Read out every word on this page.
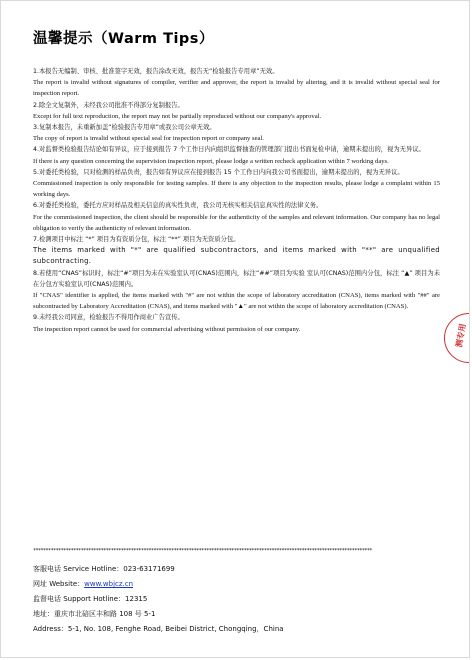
温馨提示（Warm Tips）

1.本报告无编制、审核、批准签字无效，报告涂改无效，报告无“检验报告专用章”无效。

The report is invalid without signatures of compiler, verifier and approver, the report is invalid by altering, and it is invalid without special seal for inspection report.

2.除全文复制外，未经我公司批准不得部分复制报告。

Except for full text reproduction, the report may not be partially reproduced without our company's approval.

3.复制本报告，未重新加盖“检验报告专用章”或我公司公章无效。

The copy of report is invalid without special seal for inspection report or company seal.

4.对监督类检验报告结论如有异议，应于接到报告 7 个工作日内向组织监督抽查的管理部门提出书面复检申请，逾期未提出的，视为无异议。

If there is any question concerning the supervision inspection report, please lodge a written recheck application within 7 working days.

5.对委托类检验，只对检测的样品负责，报告如有异议应在接到报告 15 个工作日内向我公司书面提出，逾期未提出的，视为无异议。

Commissioned inspection is only responsible for testing samples. If there is any objection to the inspection results, please lodge a complaint within 15 working days.

6.对委托类检验，委托方应对样品及相关信息的真实性负责，我公司无核实相关信息真实性的法律义务。

For the commissioned inspection, the client should be responsible for the authenticity of the samples and relevant information. Our company has no legal obligation to verify the authenticity of relevant information.

7.检测项目中标注 “*” 项目为有资质分包，标注 “**” 项目为无资质分包。

The items marked with "*" are qualified subcontractors, and items marked with "**" are unqualified subcontracting.

8.若使用“CNAS”标识时，标注“#”项目为未在实验室认可(CNAS)范围内，标注“##”项目为实验 室认可(CNAS)范围内分包，标注 “▲” 项目为未在分包方实验室认可(CNAS)范围内。

If "CNAS" identifier is applied, the items marked with "#" are not within the scope of laboratory accreditation (CNAS), items marked with "##" are subcontracted by Laboratory Accreditation (CNAS), and items marked with "▲" are not within the scope of laboratory accreditation (CNAS).

9.未经我公司同意，检验报告不得用作商业广告宣传。

The inspection report cannot be used for commercial advertising without permission of our company.

***************************************************************************************************************************************
客服电话 Service Hotline：023-63171699
网址 Website：www.wbjcz.cn
监督电话 Support Hotline：12315
地址：重庆市北碚区丰和路 108 号 5-1
Address：5-1, No. 108, Fenghe Road, Beibei District, Chongqing，China
测专用
